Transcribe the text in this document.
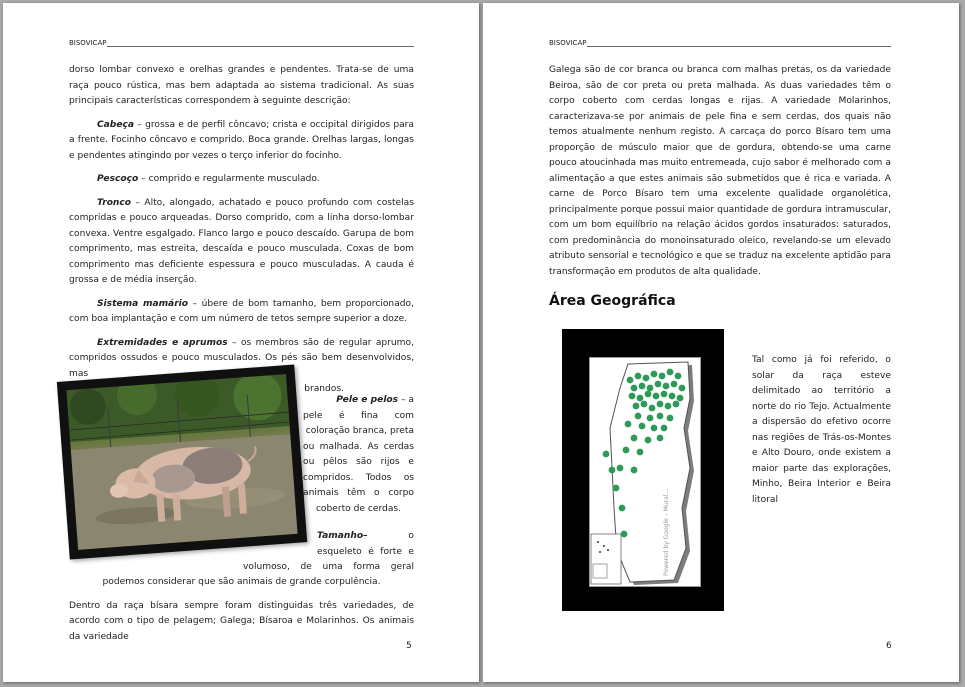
BISOVICAP

dorso lombar convexo e orelhas grandes e pendentes. Trata-se de uma raça pouco rústica, mas bem adaptada ao sistema tradicional. As suas principais características correspondem à seguinte descrição:

Cabeça – grossa e de perfil côncavo; crista e occipital dirigidos para a frente. Focinho côncavo e comprido. Boca grande. Orelhas largas, longas e pendentes atingindo por vezes o terço inferior do focinho.

Pescoço – comprido e regularmente musculado.

Tronco – Alto, alongado, achatado e pouco profundo com costelas compridas e pouco arqueadas. Dorso comprido, com a linha dorso-lombar convexa. Ventre esgalgado. Flanco largo e pouco descaído. Garupa de bom comprimento, mas estreita, descaída e pouco musculada. Coxas de bom comprimento mas deficiente espessura e pouco musculadas. A cauda é grossa e de média inserção.

Sistema mamário – úbere de bom tamanho, bem proporcionado, com boa implantação e com um número de tetos sempre superior a doze.

Extremidades e aprumos – os membros são de regular aprumo, compridos ossudos e pouco musculados. Os pés são bem desenvolvidos, mas

brandos.

Pele e pelos – a

pele é fina com

coloração branca, preta

ou malhada. As cerdas

ou pêlos são rijos e

compridos. Todos os

animais têm o corpo

coberto de cerdas.

Tamanho–	o

esqueleto é forte e

volumoso, de uma forma geral

podemos considerar que são animais de grande corpulência.

Dentro da raça bísara sempre foram distinguidas três variedades, de acordo com o tipo de pelagem; Galega; Bísaroa e Molarinhos. Os animais da variedade

5
BISOVICAP

Galega são de cor branca ou branca com malhas pretas, os da variedade Beiroa, são de cor preta ou preta malhada. As duas variedades têm o corpo coberto com cerdas longas e rijas. A variedade Molarinhos, caracterizava-se por animais de pele fina e sem cerdas, dos quais não temos atualmente nenhum registo. A carcaça do porco Bísaro tem uma proporção de músculo maior que de gordura, obtendo-se uma carne pouco atoucinhada mas muito entremeada, cujo sabor é melhorado com a alimentação a que estes animais são submetidos que é rica e variada. A carne de Porco Bísaro tem uma excelente qualidade organolética, principalmente porque possui maior quantidade de gordura intramuscular, com um bom equilíbrio na relação ácidos gordos insaturados: saturados, com predominância do monoinsaturado oleico, revelando-se um elevado atributo sensorial e tecnológico e que se traduz na excelente aptidão para transformação em produtos de alta qualidade.

Área Geográfica
Powered by Google – Mural…

Tal como já foi referido, o solar da raça esteve delimitado ao território a norte do rio Tejo. Actualmente a dispersão do efetivo ocorre nas regiões de Trás-os-Montes e Alto Douro, onde existem a maior parte das explorações, Minho, Beira Interior e Beira litoral

6
